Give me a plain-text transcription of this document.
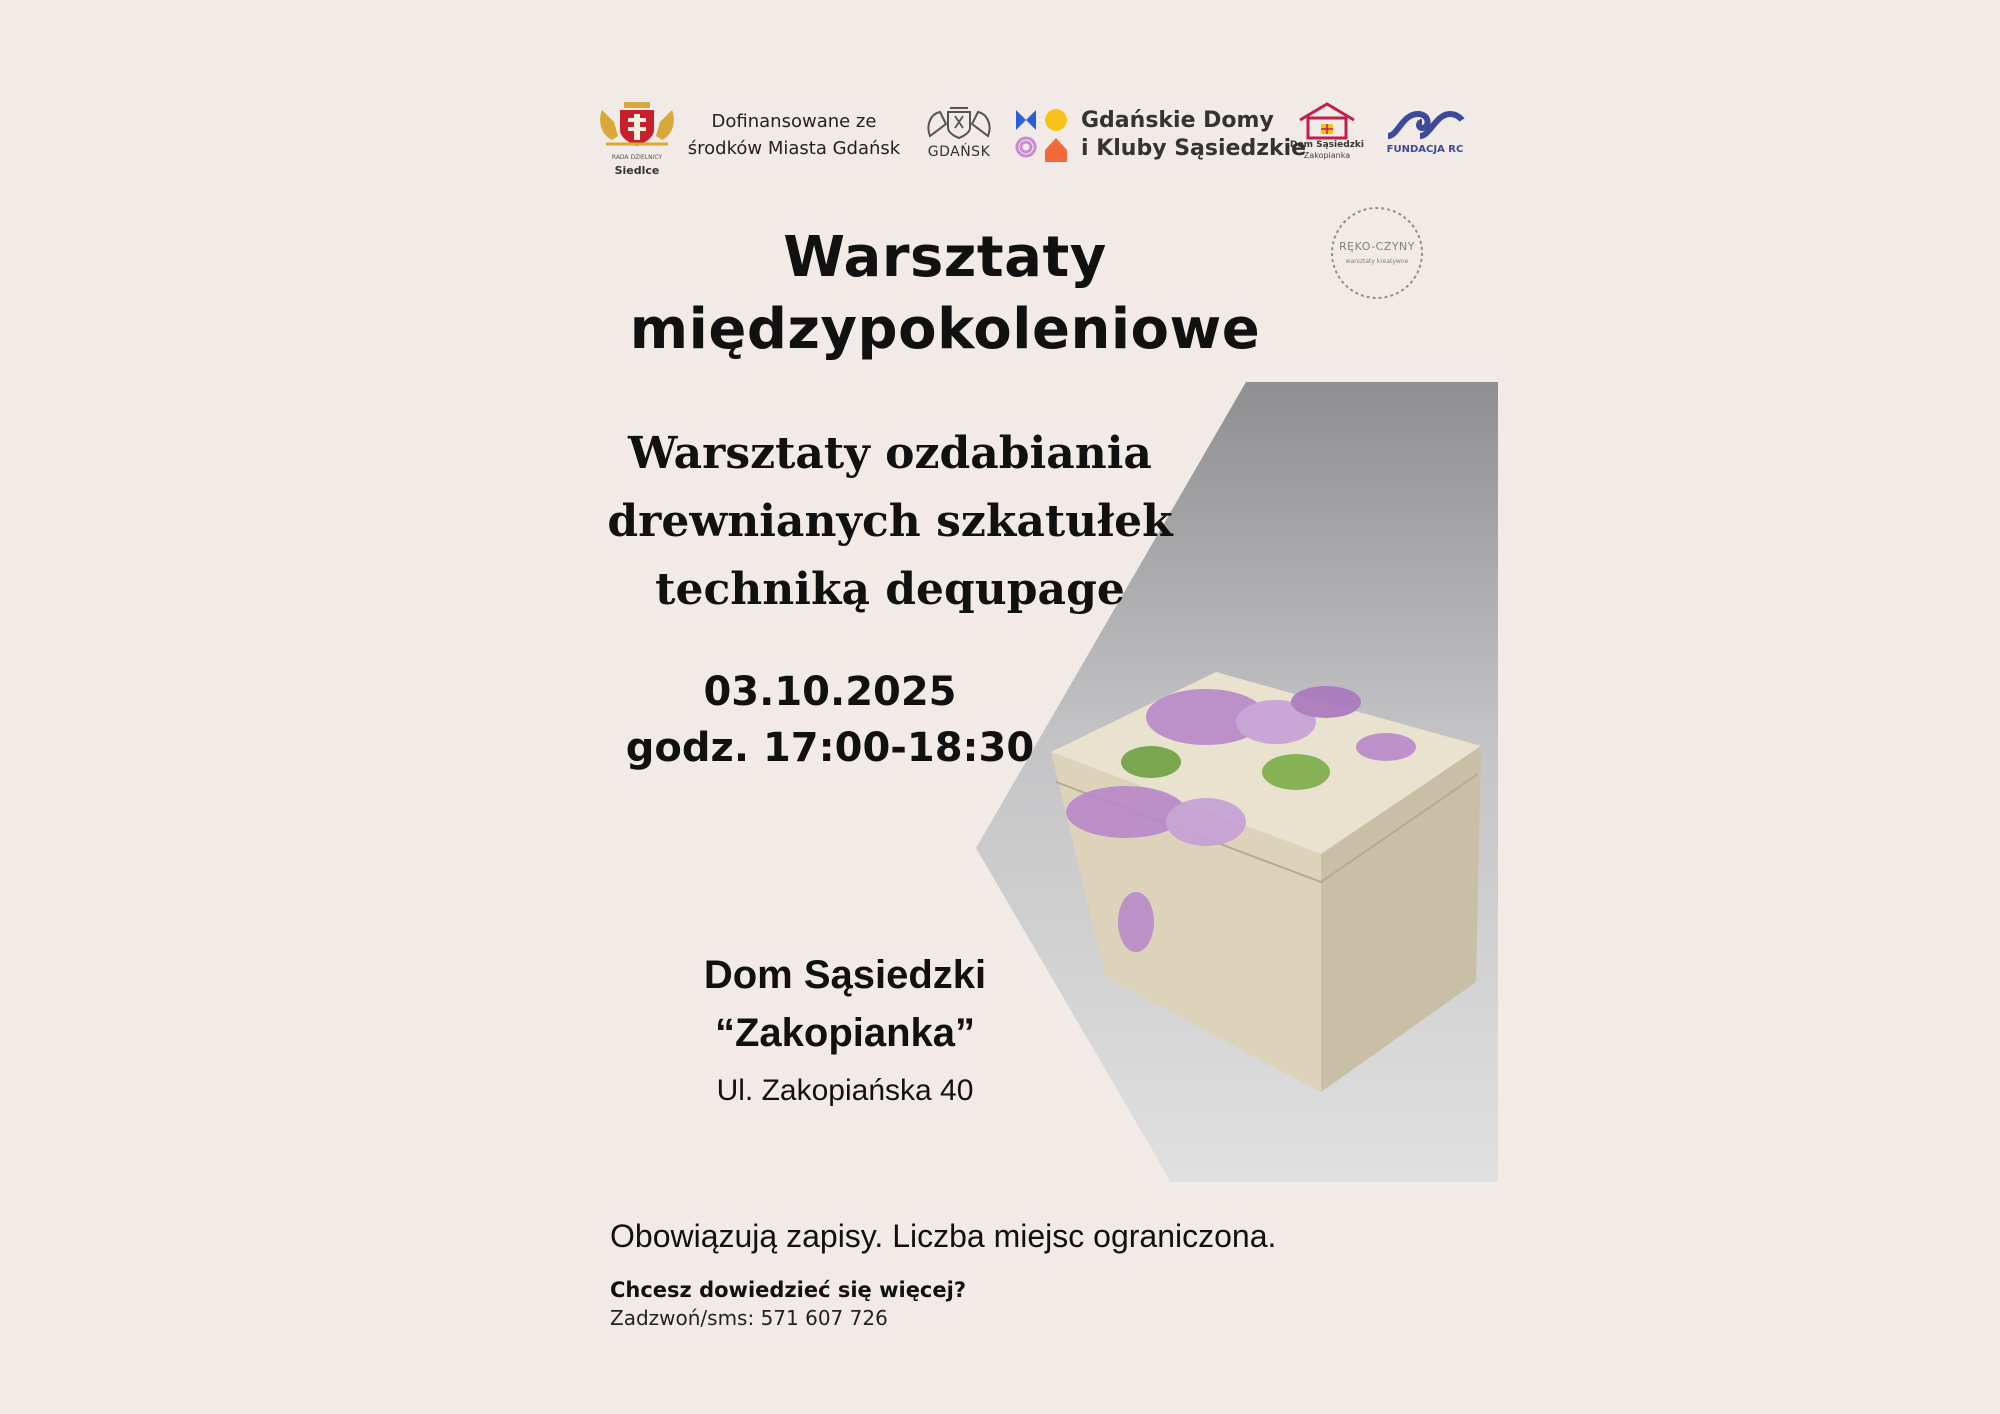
RADA DZIELNICY
Siedlce
Dofinansowane ze
środków Miasta Gdańsk	GDAŃSK
Gdańskie Domy
i Kluby Sąsiedzkie
Dom Sąsiedzki
Zakopianka
FUNDACJA RC
RĘKO-CZYNY
warsztaty kreatywne
Warsztaty
międzypokoleniowe
Warsztaty ozdabiania
drewnianych szkatułek
techniką dequpage
03.10.2025
godz. 17:00-18:30
Dom Sąsiedzki
“Zakopianka”
Ul. Zakopiańska 40
Obowiązują zapisy. Liczba miejsc ograniczona.
Chcesz dowiedzieć się więcej?
Zadzwoń/sms: 571 607 726
